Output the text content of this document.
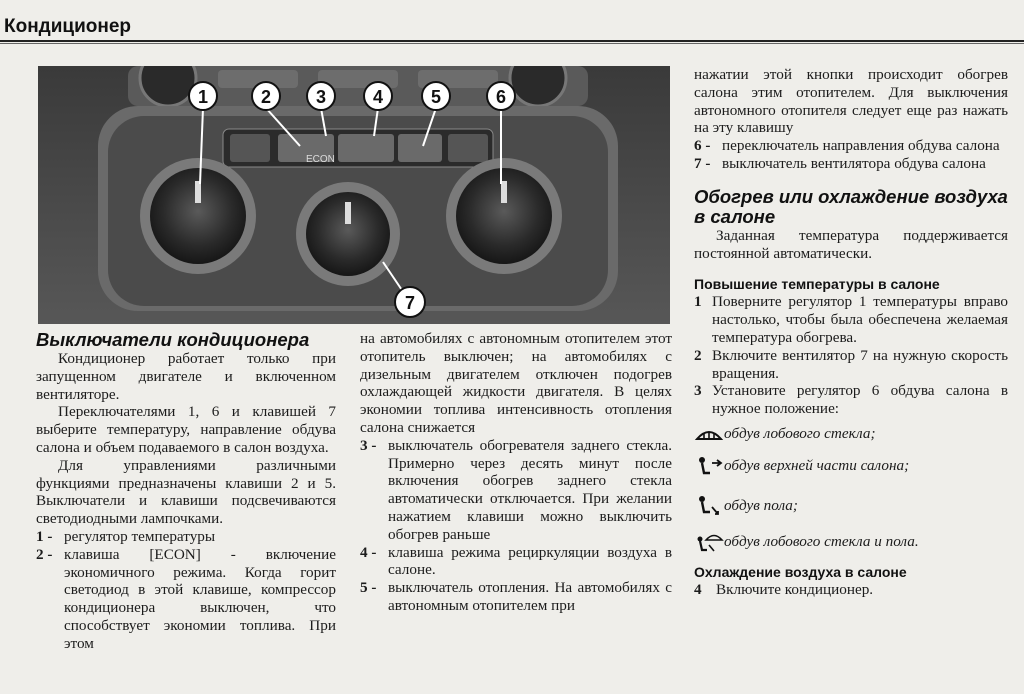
Кондиционер
ECON
1	2 3	4	5	6
7
Выключатели кондиционера

Кондиционер работает только при запущенном двигателе и включенном вентиляторе.

Переключателями 1, 6 и клавишей 7 выберите температуру, направление обдува салона и объем подаваемого в салон воздуха.

Для управлениями различными функциями предназначены клавиши 2 и 5. Выключатели и клавиши подсвечиваются светодиодными лампочками.

1 - регулятор температуры
2 - клавиша [ECON] - включение экономичного режима. Когда горит светодиод в этой клавише, компрессор кондиционера выключен, что способствует экономии топлива. При этом

на автомобилях с автономным отопителем этот отопитель выключен; на автомобилях с дизельным двигателем отключен подогрев охлаждающей жидкости двигателя. В целях экономии топлива интенсивность отопления салона снижается

3 - выключатель обогревателя заднего стекла. Примерно через десять минут после включения обогрев заднего стекла автоматически отключается. При желании нажатием клавиши можно выключить обогрев раньше
4 - клавиша режима рециркуляции воздуха в салоне.
5 - выключатель отопления. На автомобилях с автономным отопителем при

нажатии этой кнопки происходит обогрев салона этим отопителем. Для выключения автономного отопителя следует еще раз нажать на эту клавишу

6 - переключатель направления обдува салона
7 - выключатель вентилятора обдува салона
Обогрев или охлаждение воздуха в салоне

Заданная температура поддерживается постоянной автоматически.

Повышение температуры в салоне
1 Поверните регулятор 1 температуры вправо настолько, чтобы была обеспечена желаемая температура обогрева.
2 Включите вентилятор 7 на нужную скорость вращения.
3 Установите регулятор 6 обдува салона в нужное положение:
обдув лобового стекла;
обдув верхней части салона;
обдув пола;
обдув лобового стекла и пола.
Охлаждение воздуха в салоне
4 Включите кондиционер.
